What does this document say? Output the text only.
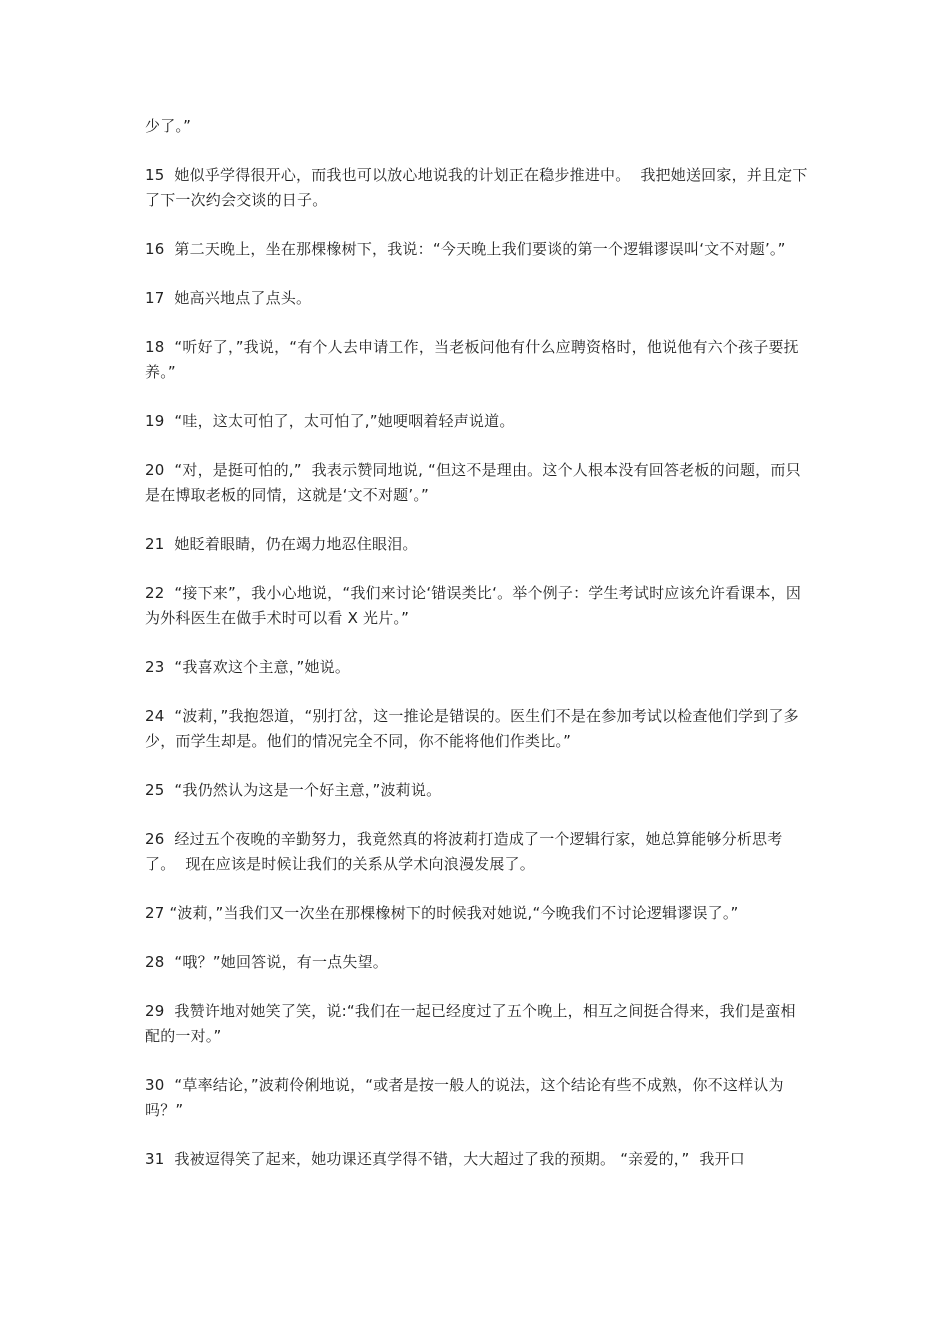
少了。”

15  她似乎学得很开心，而我也可以放心地说我的计划正在稳步推进中。  我把她送回家，并且定下了下一次约会交谈的日子。

16  第二天晚上，坐在那棵橡树下，我说：“今天晚上我们要谈的第一个逻辑谬误叫‘文不对题’。”

17  她高兴地点了点头。

18  “听好了，”我说，“有个人去申请工作，当老板问他有什么应聘资格时，他说他有六个孩子要抚养。”

19  “哇，这太可怕了，太可怕了,”她哽咽着轻声说道。

20  “对，是挺可怕的,”  我表示赞同地说, “但这不是理由。这个人根本没有回答老板的问题，而只是在博取老板的同情，这就是‘文不对题’。”

21  她眨着眼睛，仍在竭力地忍住眼泪。

22  “接下来”，我小心地说，“我们来讨论‘错误类比‘。举个例子：学生考试时应该允许看课本，因为外科医生在做手术时可以看 X 光片。”

23  “我喜欢这个主意，”她说。

24  “波莉，”我抱怨道，“别打岔，这一推论是错误的。医生们不是在参加考试以检查他们学到了多少，而学生却是。他们的情况完全不同，你不能将他们作类比。”

25  “我仍然认为这是一个好主意，”波莉说。

26  经过五个夜晚的辛勤努力，我竟然真的将波莉打造成了一个逻辑行家，她总算能够分析思考了。  现在应该是时候让我们的关系从学术向浪漫发展了。

27 “波莉，”当我们又一次坐在那棵橡树下的时候我对她说,“今晚我们不讨论逻辑谬误了。”

28  “哦？”她回答说，有一点失望。

29  我赞许地对她笑了笑，说:“我们在一起已经度过了五个晚上，相互之间挺合得来，我们是蛮相配的一对。”

30  “草率结论，”波莉伶俐地说，“或者是按一般人的说法，这个结论有些不成熟，你不这样认为吗？”

31  我被逗得笑了起来，她功课还真学得不错，大大超过了我的预期。 “亲爱的，”  我开口
